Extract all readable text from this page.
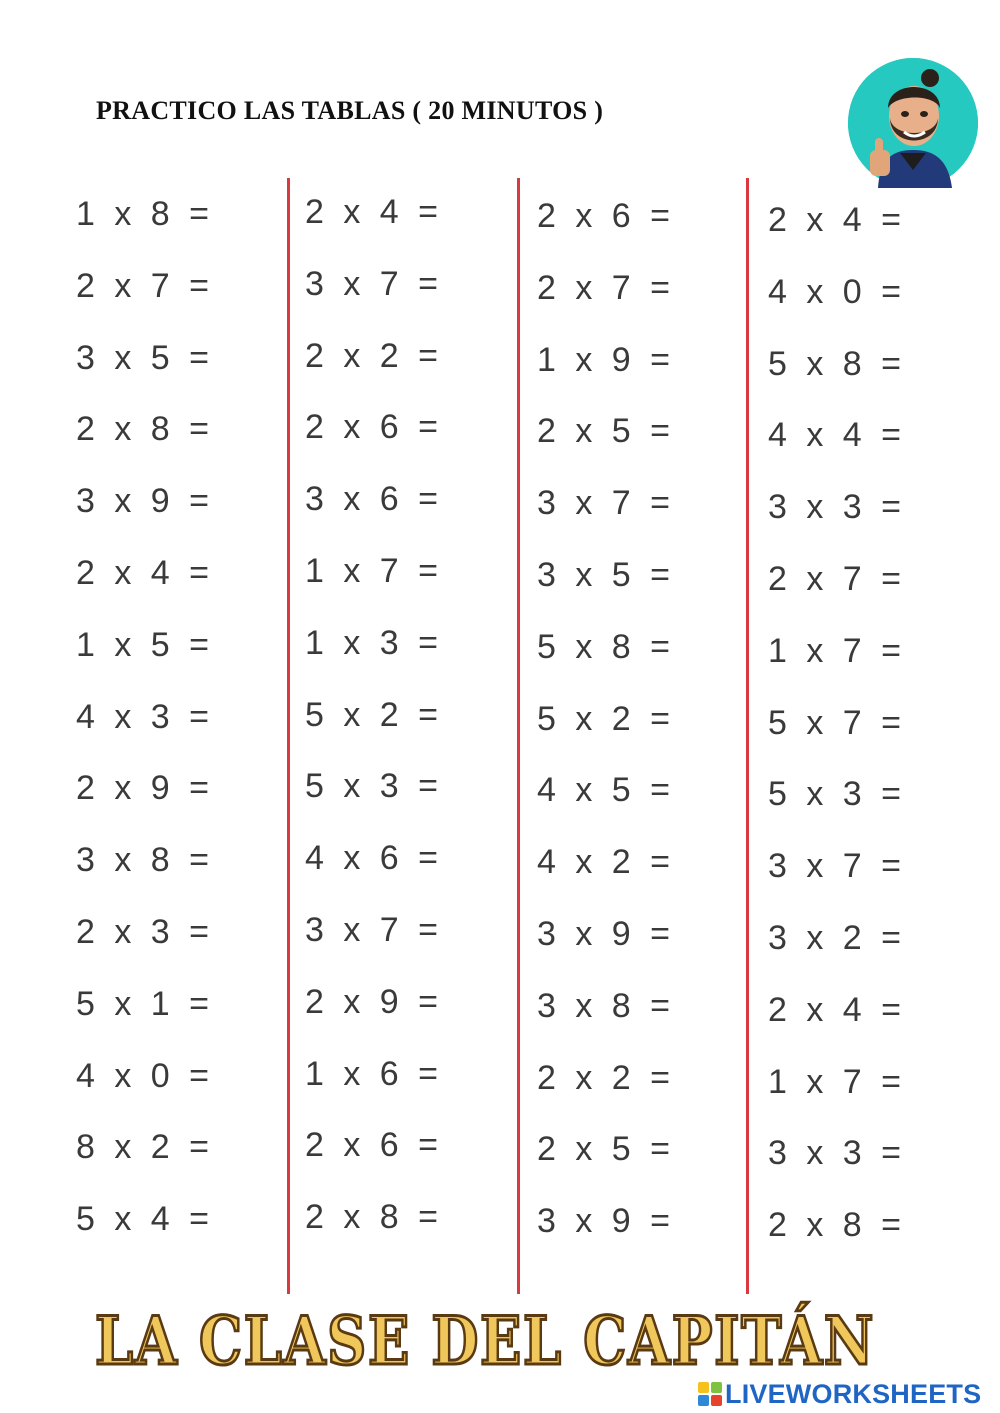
PRACTICO LAS TABLAS ( 20 MINUTOS )
1 x 8 =
2 x 7 =
3 x 5 =
2 x 8 =
3 x 9 =
2 x 4 =
1 x 5 =
4 x 3 =
2 x 9 =
3 x 8 =
2 x 3 =
5 x 1 =
4 x 0 =
8 x 2 =
5 x 4 =
2 x 4 =
3 x 7 =
2 x 2 =
2 x 6 =
3 x 6 =
1 x 7 =
1 x 3 =
5 x 2 =
5 x 3 =
4 x 6 =
3 x 7 =
2 x 9 =
1 x 6 =
2 x 6 =
2 x 8 =
2 x 6 =
2 x 7 =
1 x 9 =
2 x 5 =
3 x 7 =
3 x 5 =
5 x 8 =
5 x 2 =
4 x 5 =
4 x 2 =
3 x 9 =
3 x 8 =
2 x 2 =
2 x 5 =
3 x 9 =
2 x 4 =
4 x 0 =
5 x 8 =
4 x 4 =
3 x 3 =
2 x 7 =
1 x 7 =
5 x 7 =
5 x 3 =
3 x 7 =
3 x 2 =
2 x 4 =
1 x 7 =
3 x 3 =
2 x 8 =
LA CLASE DEL CAPITÁN
LIVEWORKSHEETS
